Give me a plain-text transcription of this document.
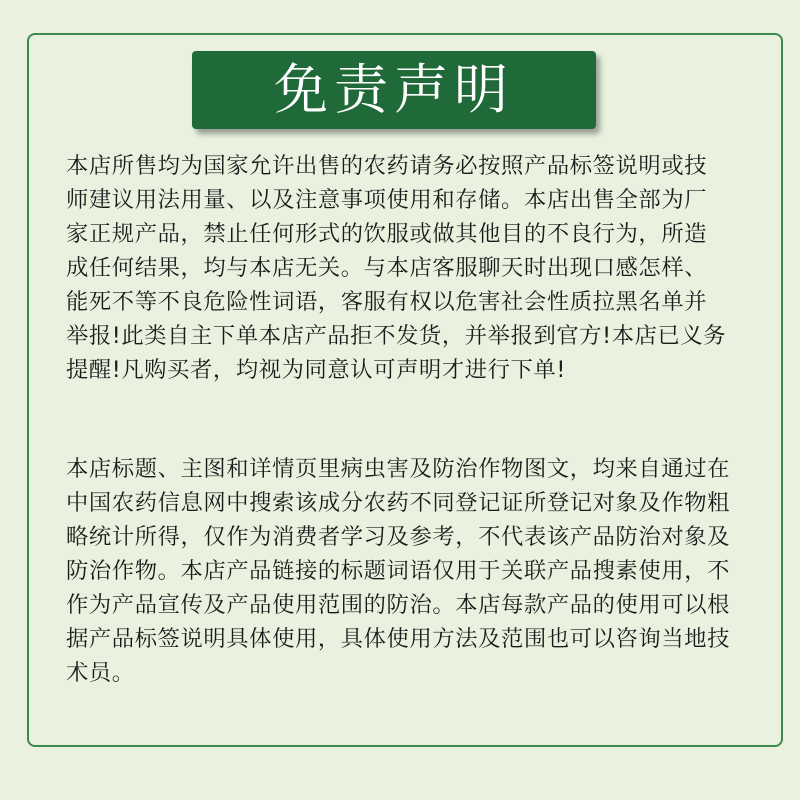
免责声明

本店所售均为国家允许出售的农药请务必按照产品标签说明或技
师建议用法用量、以及注意事项使用和存储。本店出售全部为厂
家正规产品，禁止任何形式的饮服或做其他目的不良行为，所造
成任何结果，均与本店无关。与本店客服聊天时出现口感怎样、
能死不等不良危险性词语，客服有权以危害社会性质拉黑名单并
举报!此类自主下单本店产品拒不发货，并举报到官方!本店已义务
提醒!凡购买者，均视为同意认可声明才进行下单!

本店标题、主图和详情页里病虫害及防治作物图文，均来自通过在
中国农药信息网中搜索该成分农药不同登记证所登记对象及作物粗
略统计所得，仅作为消费者学习及参考，不代表该产品防治对象及
防治作物。本店产品链接的标题词语仅用于关联产品搜素使用，不
作为产品宣传及产品使用范围的防治。本店每款产品的使用可以根
据产品标签说明具体使用，具体使用方法及范围也可以咨询当地技
术员。
